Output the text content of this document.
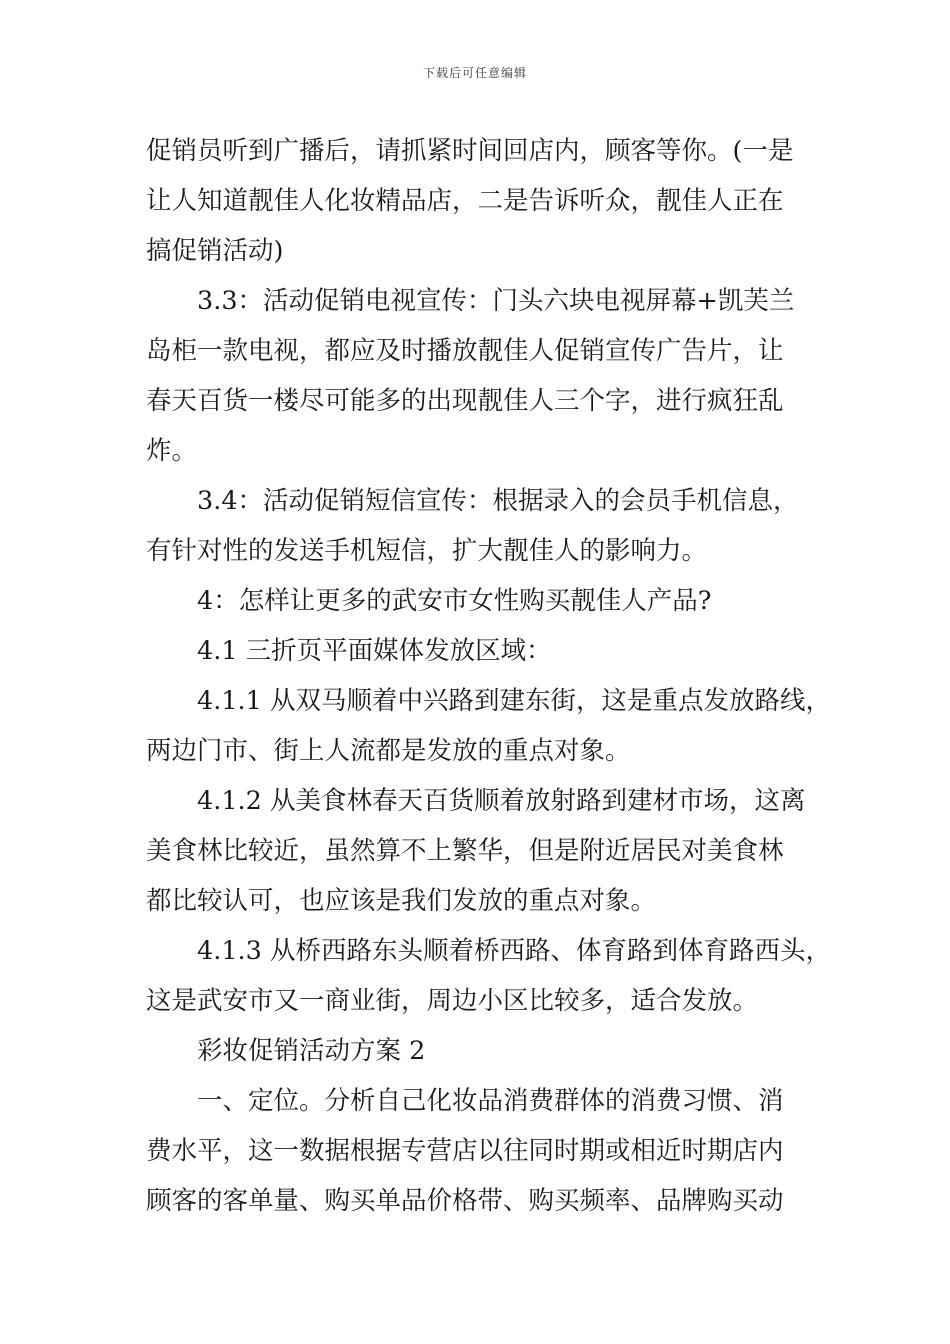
下载后可任意编辑
促销员听到广播后，请抓紧时间回店内，顾客等你。(一是
让人知道靓佳人化妆精品店，二是告诉听众，靓佳人正在
搞促销活动)
3.3：活动促销电视宣传：门头六块电视屏幕+凯芙兰
岛柜一款电视，都应及时播放靓佳人促销宣传广告片，让
春天百货一楼尽可能多的出现靓佳人三个字，进行疯狂乱
炸。
3.4：活动促销短信宣传：根据录入的会员手机信息，
有针对性的发送手机短信，扩大靓佳人的影响力。
4：怎样让更多的武安市女性购买靓佳人产品?
4.1 三折页平面媒体发放区域：
4.1.1 从双马顺着中兴路到建东街，这是重点发放路线，
两边门市、街上人流都是发放的重点对象。
4.1.2 从美食林春天百货顺着放射路到建材市场，这离
美食林比较近，虽然算不上繁华，但是附近居民对美食林
都比较认可，也应该是我们发放的重点对象。
4.1.3 从桥西路东头顺着桥西路、体育路到体育路西头，
这是武安市又一商业街，周边小区比较多，适合发放。
彩妆促销活动方案 2
一、定位。分析自己化妆品消费群体的消费习惯、消
费水平，这一数据根据专营店以往同时期或相近时期店内
顾客的客单量、购买单品价格带、购买频率、品牌购买动
